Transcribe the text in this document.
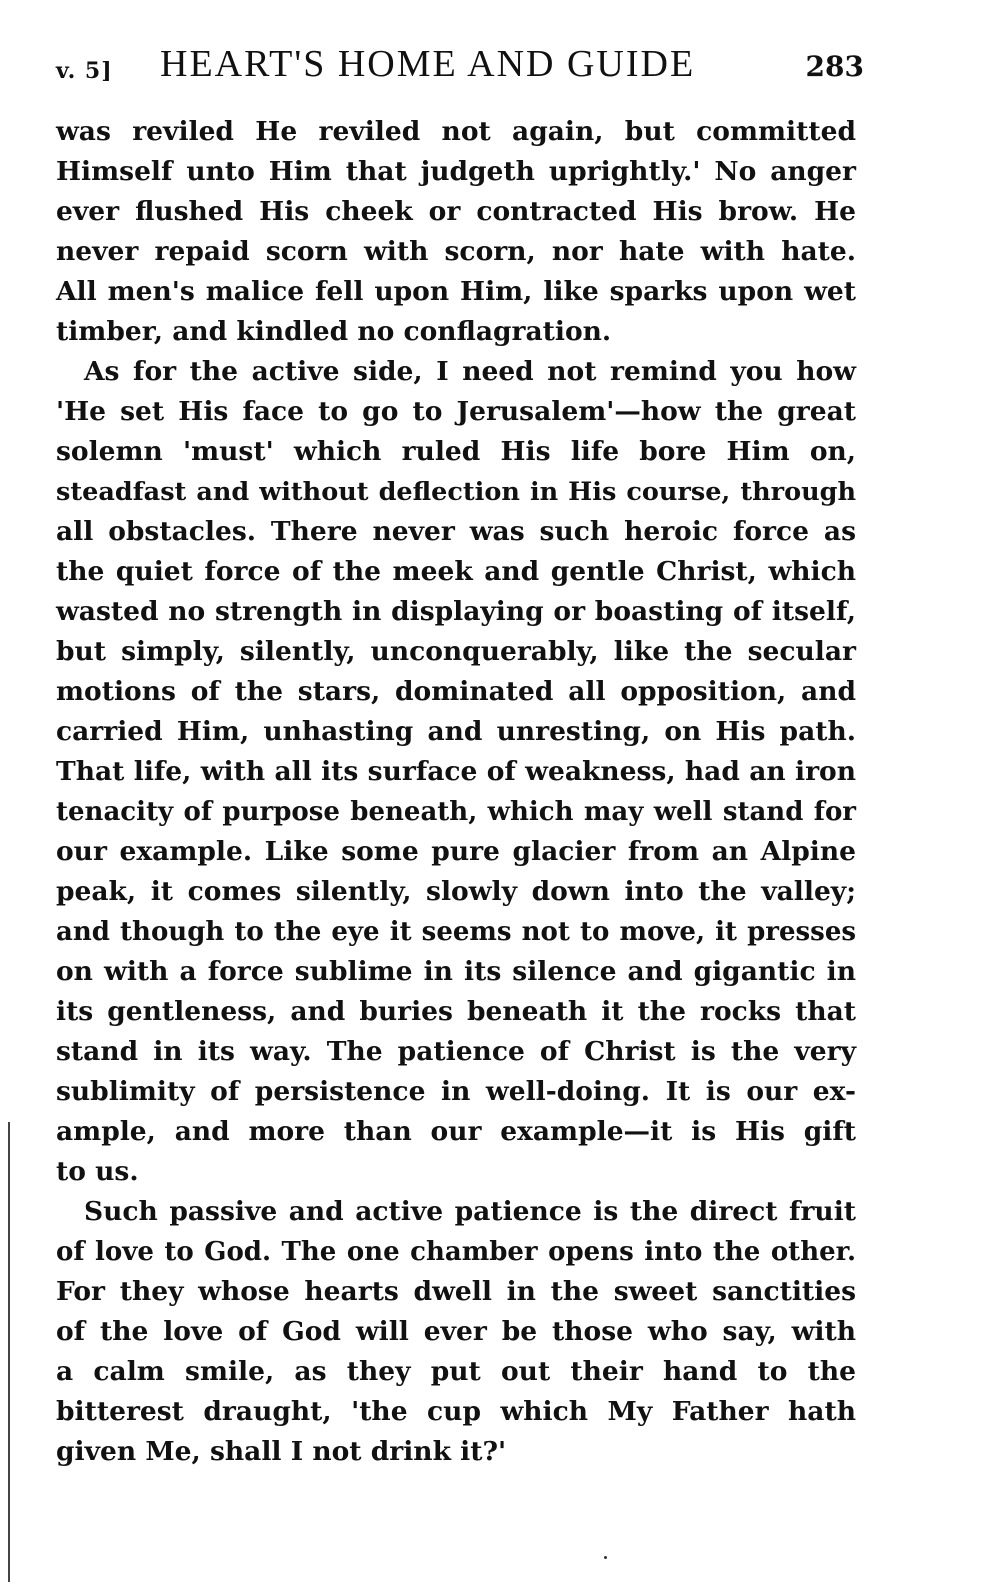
v. 5] HEART'S HOME AND GUIDE	283
was reviled He reviled not again, but committed
Himself unto Him that judgeth uprightly.' No anger
ever flushed His cheek or contracted His brow. He
never repaid scorn with scorn, nor hate with hate.
All men's malice fell upon Him, like sparks upon wet
timber, and kindled no conflagration.
As for the active side, I need not remind you how
'He set His face to go to Jerusalem'—how the great
solemn 'must' which ruled His life bore Him on,
steadfast and without deflection in His course, through
all obstacles. There never was such heroic force as
the quiet force of the meek and gentle Christ, which
wasted no strength in displaying or boasting of itself,
but simply, silently, unconquerably, like the secular
motions of the stars, dominated all opposition, and
carried Him, unhasting and unresting, on His path.
That life, with all its surface of weakness, had an iron
tenacity of purpose beneath, which may well stand for
our example. Like some pure glacier from an Alpine
peak, it comes silently, slowly down into the valley;
and though to the eye it seems not to move, it presses
on with a force sublime in its silence and gigantic in
its gentleness, and buries beneath it the rocks that
stand in its way. The patience of Christ is the very
sublimity of persistence in well-doing. It is our ex-
ample, and more than our example—it is His gift
to us.
Such passive and active patience is the direct fruit
of love to God. The one chamber opens into the other.
For they whose hearts dwell in the sweet sanctities
of the love of God will ever be those who say, with
a calm smile, as they put out their hand to the
bitterest draught, 'the cup which My Father hath
given Me, shall I not drink it?'
